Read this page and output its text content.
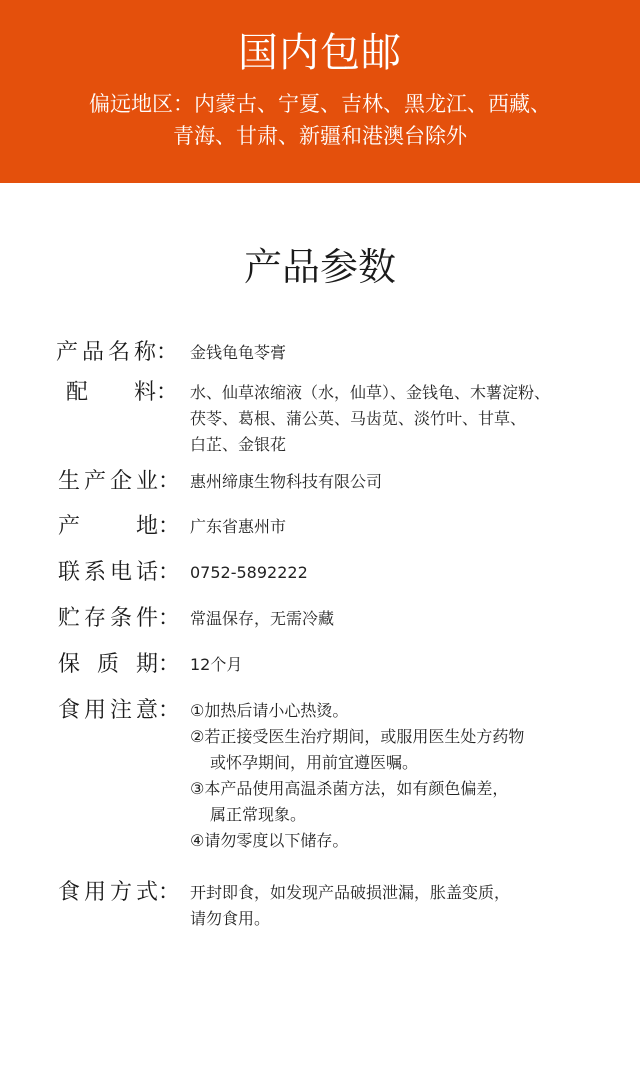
国内包邮
偏远地区：内蒙古、宁夏、吉林、黑龙江、西藏、
青海、甘肃、新疆和港澳台除外
产品参数
产 品 名 称 ： 金钱龟龟苓膏
配 料 ： 水、仙草浓缩液（水，仙草）、金钱龟、木薯淀粉、
茯苓、葛根、蒲公英、马齿苋、淡竹叶、甘草、
白芷、金银花
生 产 企 业 ： 惠州缔康生物科技有限公司
产	地 ： 广东省惠州市
联 系 电 话 ： 0752-5892222
贮 存 条 件 ： 常温保存，无需冷藏
保 质 期 ： 12个月
食 用 注 意 ： ①加热后请小心热烫。
②若正接受医生治疗期间，或服用医生处方药物
或怀孕期间，用前宜遵医嘱。
③本产品使用高温杀菌方法，如有颜色偏差，
属正常现象。
④请勿零度以下储存。
食 用 方 式 ： 开封即食，如发现产品破损泄漏，胀盖变质，
请勿食用。
